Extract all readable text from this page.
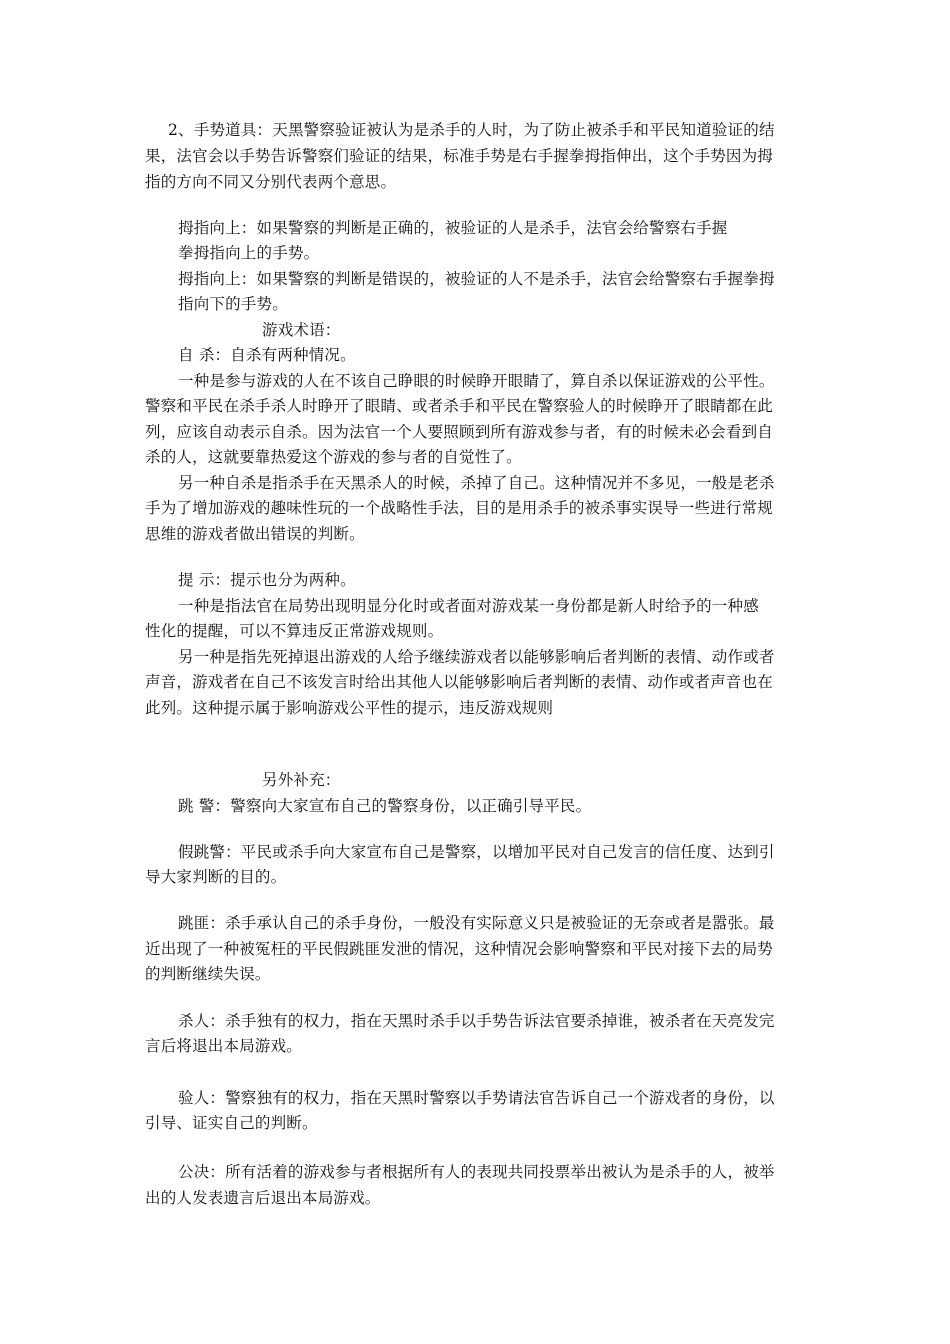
2、手势道具：天黑警察验证被认为是杀手的人时，为了防止被杀手和平民知道验证的结
果，法官会以手势告诉警察们验证的结果，标准手势是右手握拳拇指伸出，这个手势因为拇
指的方向不同又分别代表两个意思。
拇指向上：如果警察的判断是正确的，被验证的人是杀手，法官会给警察右手握
拳拇指向上的手势。
拇指向上：如果警察的判断是错误的，被验证的人不是杀手，法官会给警察右手握拳拇
指向下的手势。
游戏术语：
自 杀：自杀有两种情况。
一种是参与游戏的人在不该自己睁眼的时候睁开眼睛了，算自杀以保证游戏的公平性。
警察和平民在杀手杀人时睁开了眼睛、或者杀手和平民在警察验人的时候睁开了眼睛都在此
列，应该自动表示自杀。因为法官一个人要照顾到所有游戏参与者，有的时候未必会看到自
杀的人，这就要靠热爱这个游戏的参与者的自觉性了。
另一种自杀是指杀手在天黑杀人的时候，杀掉了自己。这种情况并不多见，一般是老杀
手为了增加游戏的趣味性玩的一个战略性手法，目的是用杀手的被杀事实误导一些进行常规
思维的游戏者做出错误的判断。
提 示：提示也分为两种。
一种是指法官在局势出现明显分化时或者面对游戏某一身份都是新人时给予的一种感
性化的提醒，可以不算违反正常游戏规则。
另一种是指先死掉退出游戏的人给予继续游戏者以能够影响后者判断的表情、动作或者
声音，游戏者在自己不该发言时给出其他人以能够影响后者判断的表情、动作或者声音也在
此列。这种提示属于影响游戏公平性的提示，违反游戏规则
另外补充：
跳 警：警察向大家宣布自己的警察身份，以正确引导平民。
假跳警：平民或杀手向大家宣布自己是警察，以增加平民对自己发言的信任度、达到引
导大家判断的目的。
跳匪：杀手承认自己的杀手身份，一般没有实际意义只是被验证的无奈或者是嚣张。最
近出现了一种被冤枉的平民假跳匪发泄的情况，这种情况会影响警察和平民对接下去的局势
的判断继续失误。
杀人：杀手独有的权力，指在天黑时杀手以手势告诉法官要杀掉谁，被杀者在天亮发完
言后将退出本局游戏。
验人：警察独有的权力，指在天黑时警察以手势请法官告诉自己一个游戏者的身份，以
引导、证实自己的判断。
公决：所有活着的游戏参与者根据所有人的表现共同投票举出被认为是杀手的人，被举
出的人发表遗言后退出本局游戏。
